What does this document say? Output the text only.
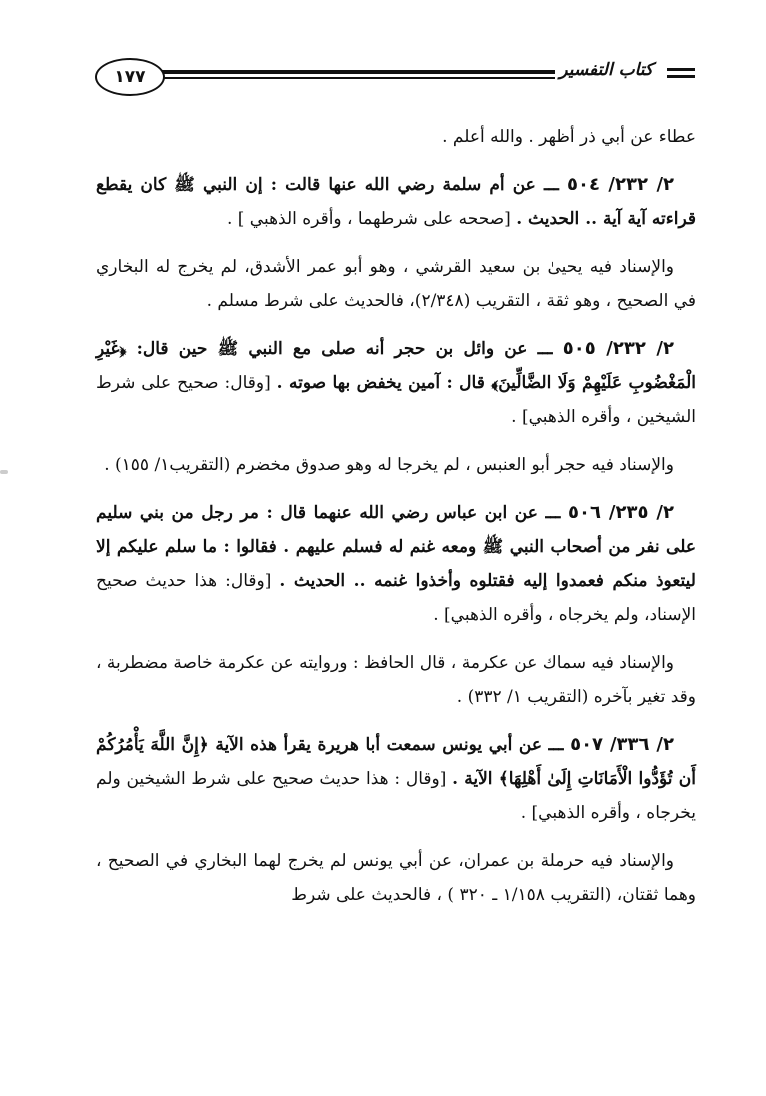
كتاب التفسير
١٧٧

عطاء عن أبي ذر أظهر . والله أعلم .

٢/ ٢٣٢/ ٥٠٤ ـــ عن أم سلمة رضي الله عنها قالت : إن النبي ﷺ كان يقطع قراءته آية آية .. الحديث . [صححه على شرطهما ، وأقره الذهبي ] .

والإسناد فيه يحيىٰ بن سعيد القرشي ، وهو أبو عمر الأشدق، لم يخرج له البخاري في الصحيح ، وهو ثقة ، التقريب (٢/٣٤٨)، فالحديث على شرط مسلم .

٢/ ٢٣٢/ ٥٠٥ ـــ عن وائل بن حجر أنه صلى مع النبي ﷺ حين قال: ﴿غَيْرِ الْمَغْضُوبِ عَلَيْهِمْ وَلَا الضَّالِّينَ﴾ قال : آمين يخفض بها صوته . [وقال: صحيح على شرط الشيخين ، وأقره الذهبي] .

والإسناد فيه حجر أبو العنبس ، لم يخرجا له وهو صدوق مخضرم (التقريب١/ ١٥٥) .

٢/ ٢٣٥/ ٥٠٦ ـــ عن ابن عباس رضي الله عنهما قال : مر رجل من بني سليم على نفر من أصحاب النبي ﷺ ومعه غنم له فسلم عليهم . فقالوا : ما سلم عليكم إلا ليتعوذ منكم فعمدوا إليه فقتلوه وأخذوا غنمه .. الحديث . [وقال: هذا حديث صحيح الإسناد، ولم يخرجاه ، وأقره الذهبي] .

والإسناد فيه سماك عن عكرمة ، قال الحافظ : وروايته عن عكرمة خاصة مضطربة ، وقد تغير بآخره (التقريب ١/ ٣٣٢) .

٢/ ٣٣٦/ ٥٠٧ ـــ عن أبي يونس سمعت أبا هريرة يقرأ هذه الآية ﴿إِنَّ اللَّهَ يَأْمُرُكُمْ أَن تُؤَدُّوا الْأَمَانَاتِ إِلَىٰ أَهْلِهَا﴾ الآية . [وقال : هذا حديث صحيح على شرط الشيخين ولم يخرجاه ، وأقره الذهبي] .

والإسناد فيه حرملة بن عمران، عن أبي يونس لم يخرج لهما البخاري في الصحيح ، وهما ثقتان، (التقريب ١/١٥٨ ـ ٣٢٠ ) ، فالحديث على شرط
